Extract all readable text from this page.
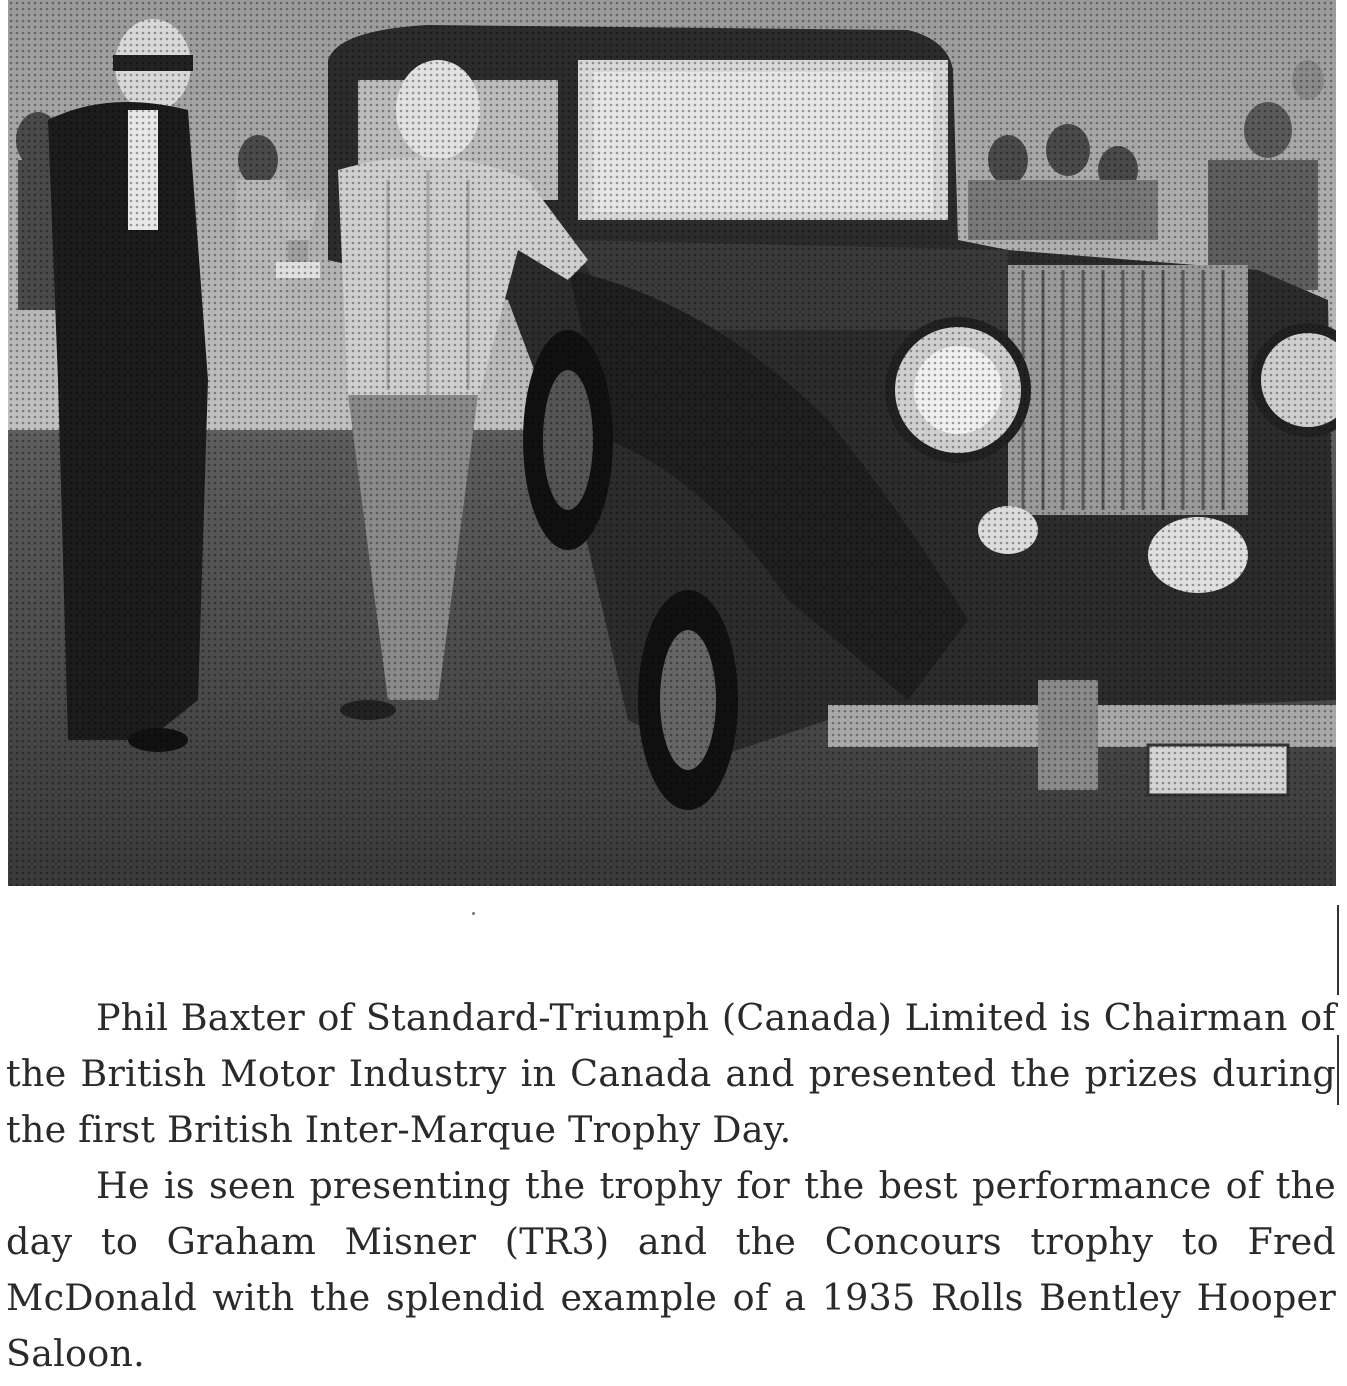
Phil Baxter of Standard-Triumph (Canada) Limited is Chairman of the British Motor Industry in Canada and presented the prizes during the first British Inter-Marque Trophy Day.

He is seen presenting the trophy for the best performance of the day to Graham Misner (TR3) and the Concours trophy to Fred McDonald with the splendid example of a 1935 Rolls Bentley Hooper Saloon.
